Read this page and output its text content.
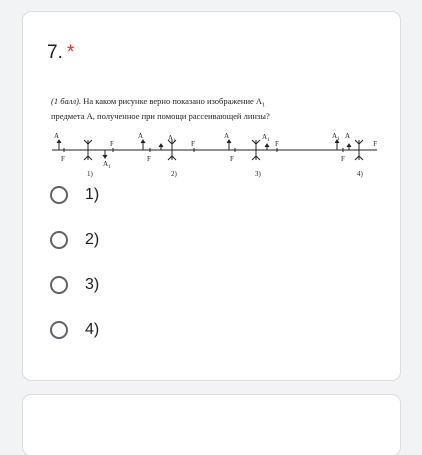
7. *
(1 балл). На каком рисунке верно показано изображение $A_1$
предмета A, полученное при помощи рассеивающей линзы?
A
F
F
A 1
1)
A	A 1
F
F
2)
A	A 1
F
F
3)
A 1 A
F
F
4)
1)
2)
3)
4)
